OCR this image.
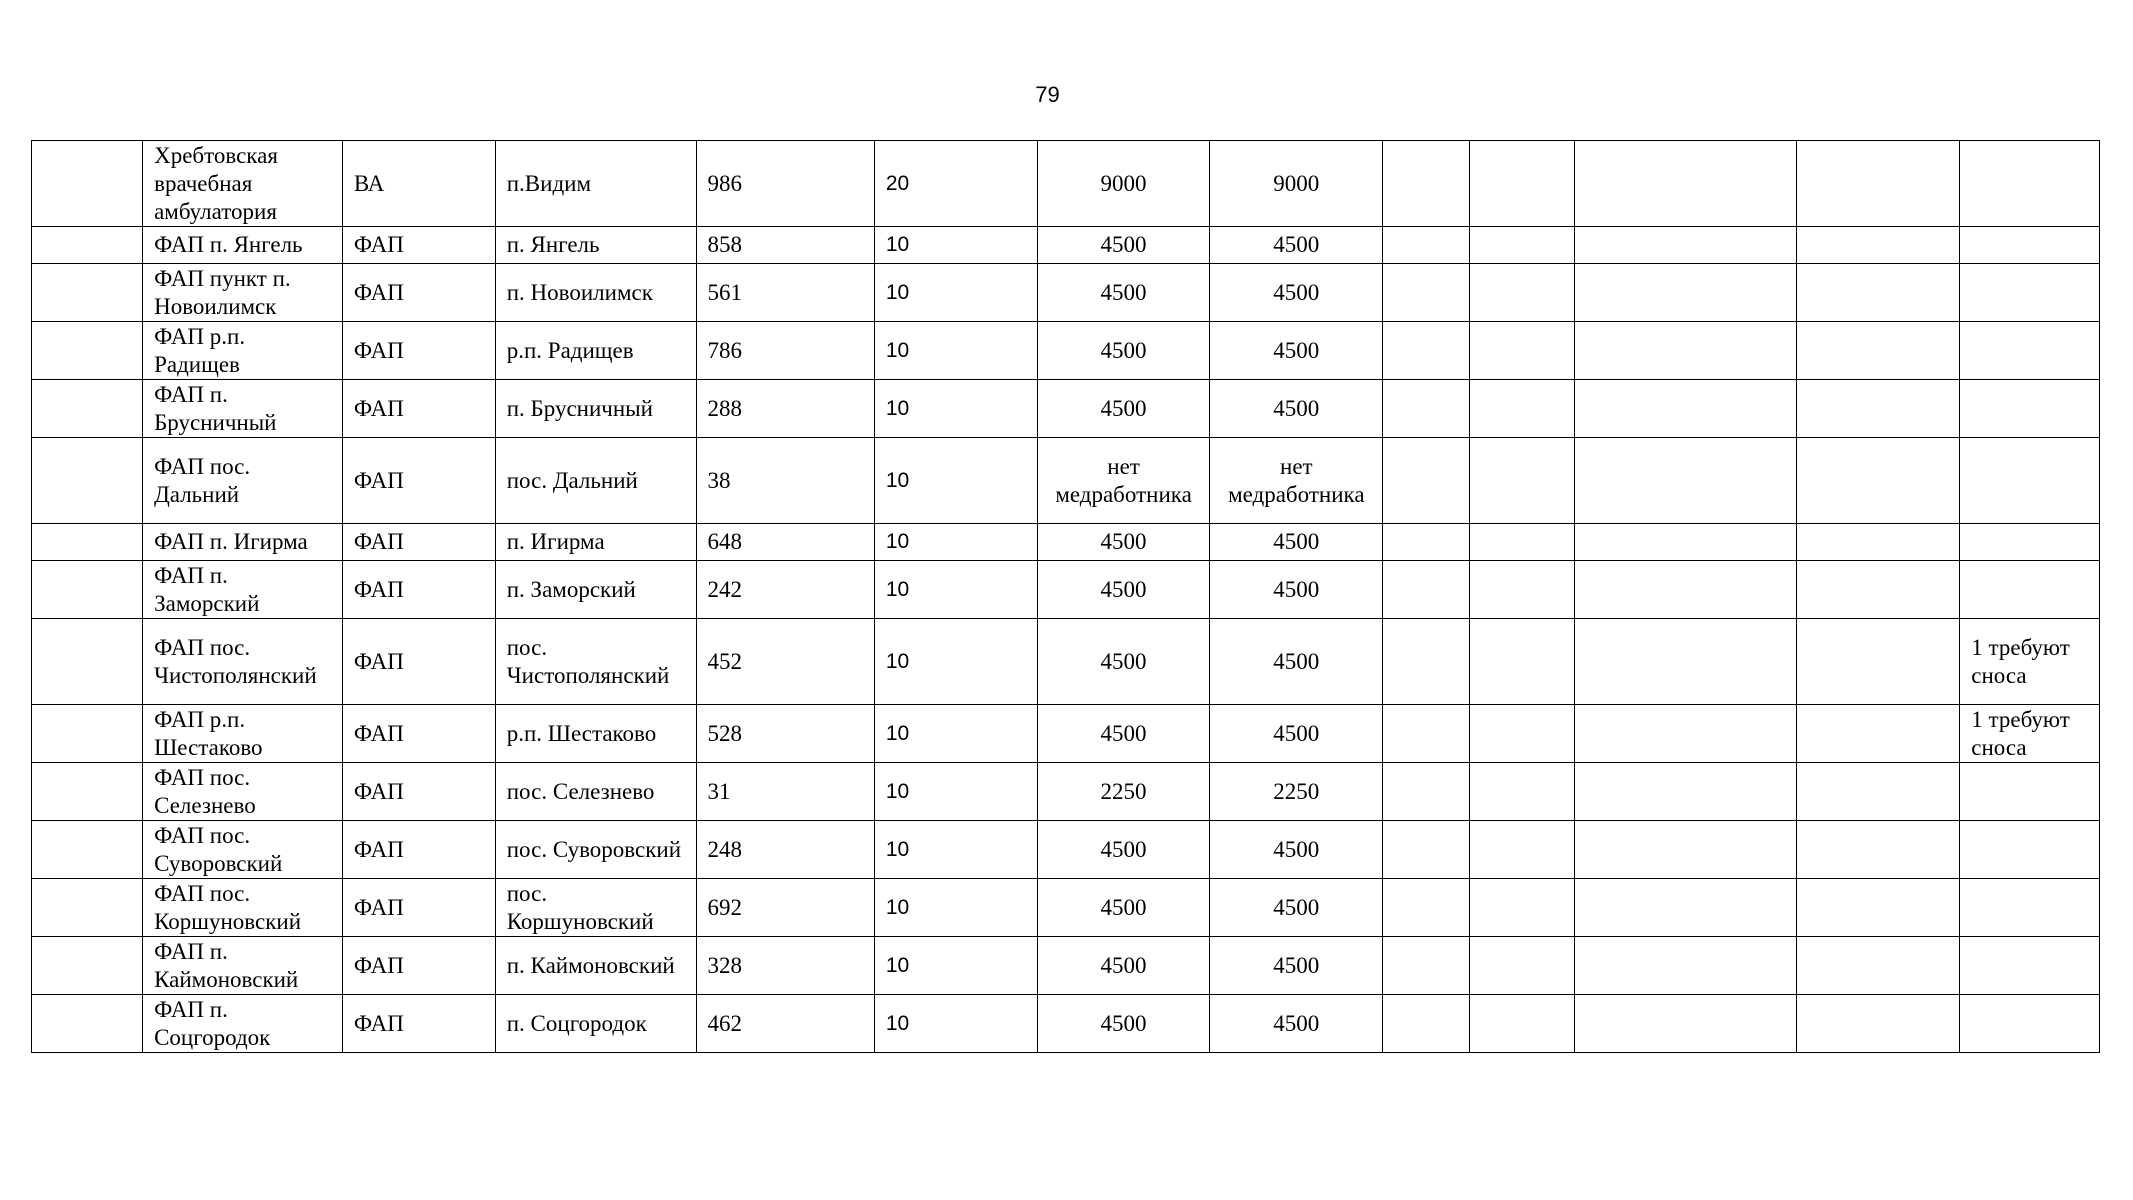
79
	Хребтовская врачебная амбулатория	ВА	п.Видим	986	20	9000	9000					
	ФАП п. Янгель	ФАП	п. Янгель	858	10	4500	4500					
	ФАП пункт п. Новоилимск	ФАП	п. Новоилимск	561	10	4500	4500					
	ФАП р.п. Радищев	ФАП	р.п. Радищев	786	10	4500	4500					
	ФАП п. Брусничный	ФАП	п. Брусничный	288	10	4500	4500					
	ФАП пос. Дальний	ФАП	пос. Дальний	38	10	нет медработника	нет медработника					
	ФАП п. Игирма	ФАП	п. Игирма	648	10	4500	4500					
	ФАП п. Заморский	ФАП	п. Заморский	242	10	4500	4500					
	ФАП пос. Чистополянский	ФАП	пос. Чистополянский	452	10	4500	4500					1 требуют сноса
	ФАП р.п. Шестаково	ФАП	р.п. Шестаково	528	10	4500	4500					1 требуют сноса
	ФАП пос. Селезнево	ФАП	пос. Селезнево	31	10	2250	2250					
	ФАП пос. Суворовский	ФАП	пос. Суворовский	248	10	4500	4500					
	ФАП пос. Коршуновский	ФАП	пос. Коршуновский	692	10	4500	4500					
	ФАП п. Каймоновский	ФАП	п. Каймоновский	328	10	4500	4500					
	ФАП п. Соцгородок	ФАП	п. Соцгородок	462	10	4500	4500					
